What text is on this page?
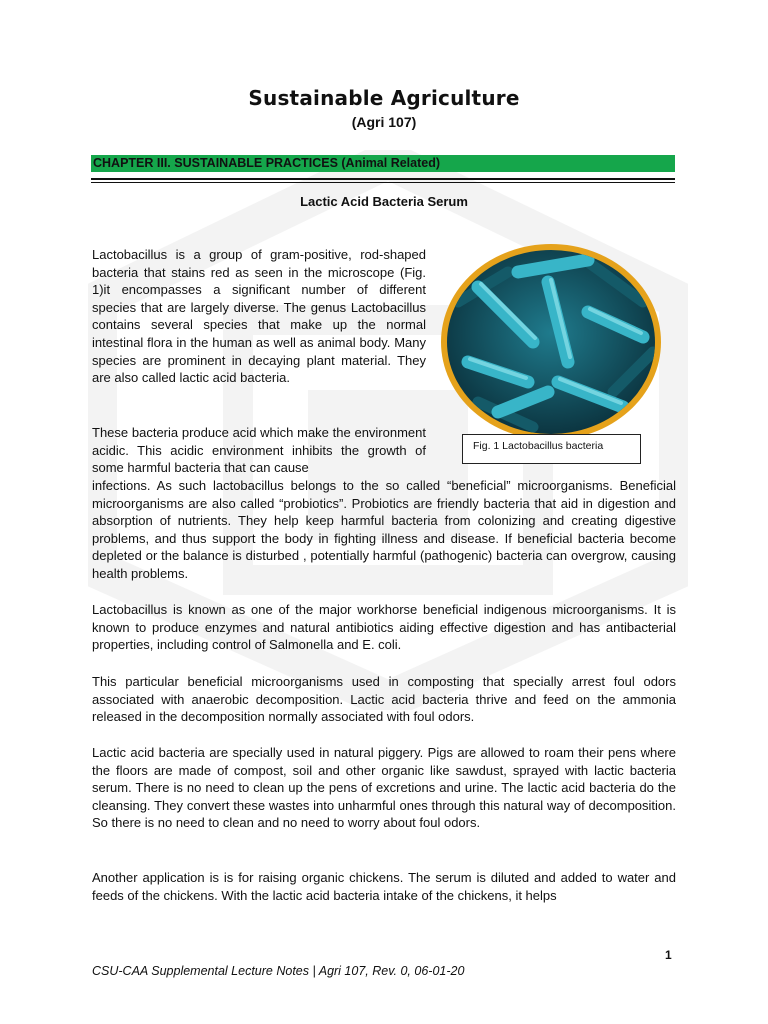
Sustainable Agriculture
(Agri 107)
CHAPTER III. SUSTAINABLE PRACTICES (Animal Related)
Lactic Acid Bacteria Serum

Lactobacillus is a group of gram-positive, rod-shaped bacteria that stains red as seen in the microscope (Fig. 1)it encompasses a significant number of different species that are largely diverse. The genus Lactobacillus contains several species that make up the normal intestinal flora in the human as well as animal body. Many species are prominent in decaying plant material. They are also called lactic acid bacteria.

These bacteria produce acid which make the environment acidic. This acidic environment inhibits the growth of some harmful bacteria that can cause

infections. As such lactobacillus belongs to the so called “beneficial” microorganisms. Beneficial microorganisms are also called “probiotics”. Probiotics are friendly bacteria that aid in digestion and absorption of nutrients. They help keep harmful bacteria from colonizing and creating digestive problems, and thus support the body in fighting illness and disease. If beneficial bacteria become depleted or the balance is disturbed , potentially harmful (pathogenic) bacteria can overgrow, causing health problems.

Lactobacillus is known as one of the major workhorse beneficial indigenous microorganisms. It is known to produce enzymes and natural antibiotics aiding effective digestion and has antibacterial properties, including control of Salmonella and E. coli.

This particular beneficial microorganisms used in composting that specially arrest foul odors associated with anaerobic decomposition. Lactic acid bacteria thrive and feed on the ammonia released in the decomposition normally associated with foul odors.

Lactic acid bacteria are specially used in natural piggery. Pigs are allowed to roam their pens where the floors are made of compost, soil and other organic like sawdust, sprayed with lactic bacteria serum. There is no need to clean up the pens of excretions and urine. The lactic acid bacteria do the cleansing. They convert these wastes into unharmful ones through this natural way of decomposition. So there is no need to clean and no need to worry about foul odors.

Another application is is for raising organic chickens. The serum is diluted and added to water and feeds of the chickens. With the lactic acid bacteria intake of the chickens, it helps

Fig. 1 Lactobacillus bacteria
1
CSU-CAA Supplemental Lecture Notes | Agri 107, Rev. 0, 06-01-20
